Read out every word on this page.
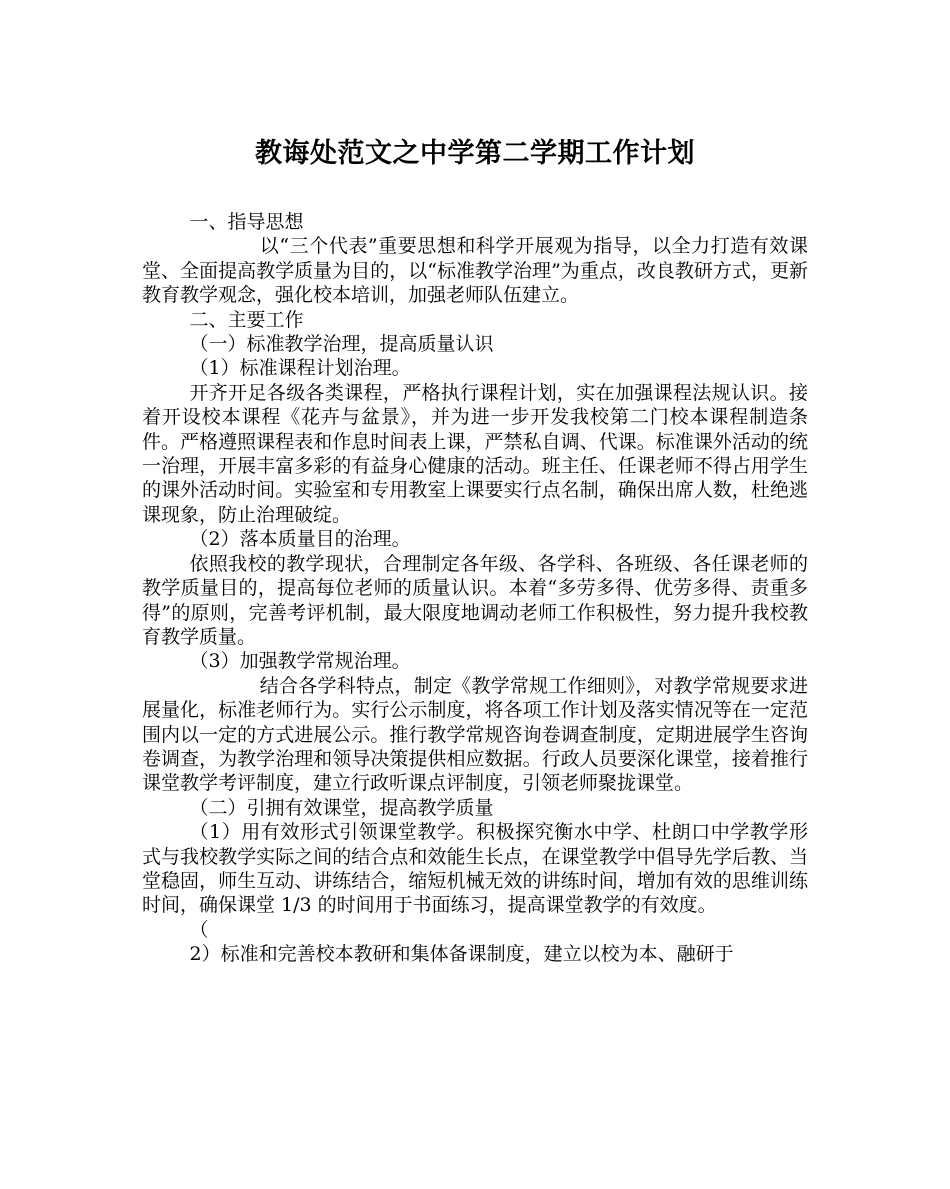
教诲处范文之中学第二学期工作计划

一、指导思想

以“三个代表”重要思想和科学开展观为指导，以全力打造有效课堂、全面提高教学质量为目的，以“标准教学治理”为重点，改良教研方式，更新教育教学观念，强化校本培训，加强老师队伍建立。

二、主要工作

（一）标准教学治理，提高质量认识

（1）标准课程计划治理。

开齐开足各级各类课程，严格执行课程计划，实在加强课程法规认识。接着开设校本课程《花卉与盆景》，并为进一步开发我校第二门校本课程制造条件。严格遵照课程表和作息时间表上课，严禁私自调、代课。标准课外活动的统一治理，开展丰富多彩的有益身心健康的活动。班主任、任课老师不得占用学生的课外活动时间。实验室和专用教室上课要实行点名制，确保出席人数，杜绝逃课现象，防止治理破绽。

（2）落本质量目的治理。

依照我校的教学现状，合理制定各年级、各学科、各班级、各任课老师的教学质量目的，提高每位老师的质量认识。本着“多劳多得、优劳多得、责重多得”的原则，完善考评机制，最大限度地调动老师工作积极性，努力提升我校教育教学质量。

（3）加强教学常规治理。

结合各学科特点，制定《教学常规工作细则》，对教学常规要求进展量化，标准老师行为。实行公示制度，将各项工作计划及落实情况等在一定范围内以一定的方式进展公示。推行教学常规咨询卷调查制度，定期进展学生咨询卷调查，为教学治理和领导决策提供相应数据。行政人员要深化课堂，接着推行课堂教学考评制度，建立行政听课点评制度，引领老师聚拢课堂。

（二）引拥有效课堂，提高教学质量

（1）用有效形式引领课堂教学。积极探究衡水中学、杜朗口中学教学形式与我校教学实际之间的结合点和效能生长点，在课堂教学中倡导先学后教、当堂稳固，师生互动、讲练结合，缩短机械无效的讲练时间，增加有效的思维训练时间，确保课堂 1/3 的时间用于书面练习，提高课堂教学的有效度。

（

2）标准和完善校本教研和集体备课制度，建立以校为本、融研于
